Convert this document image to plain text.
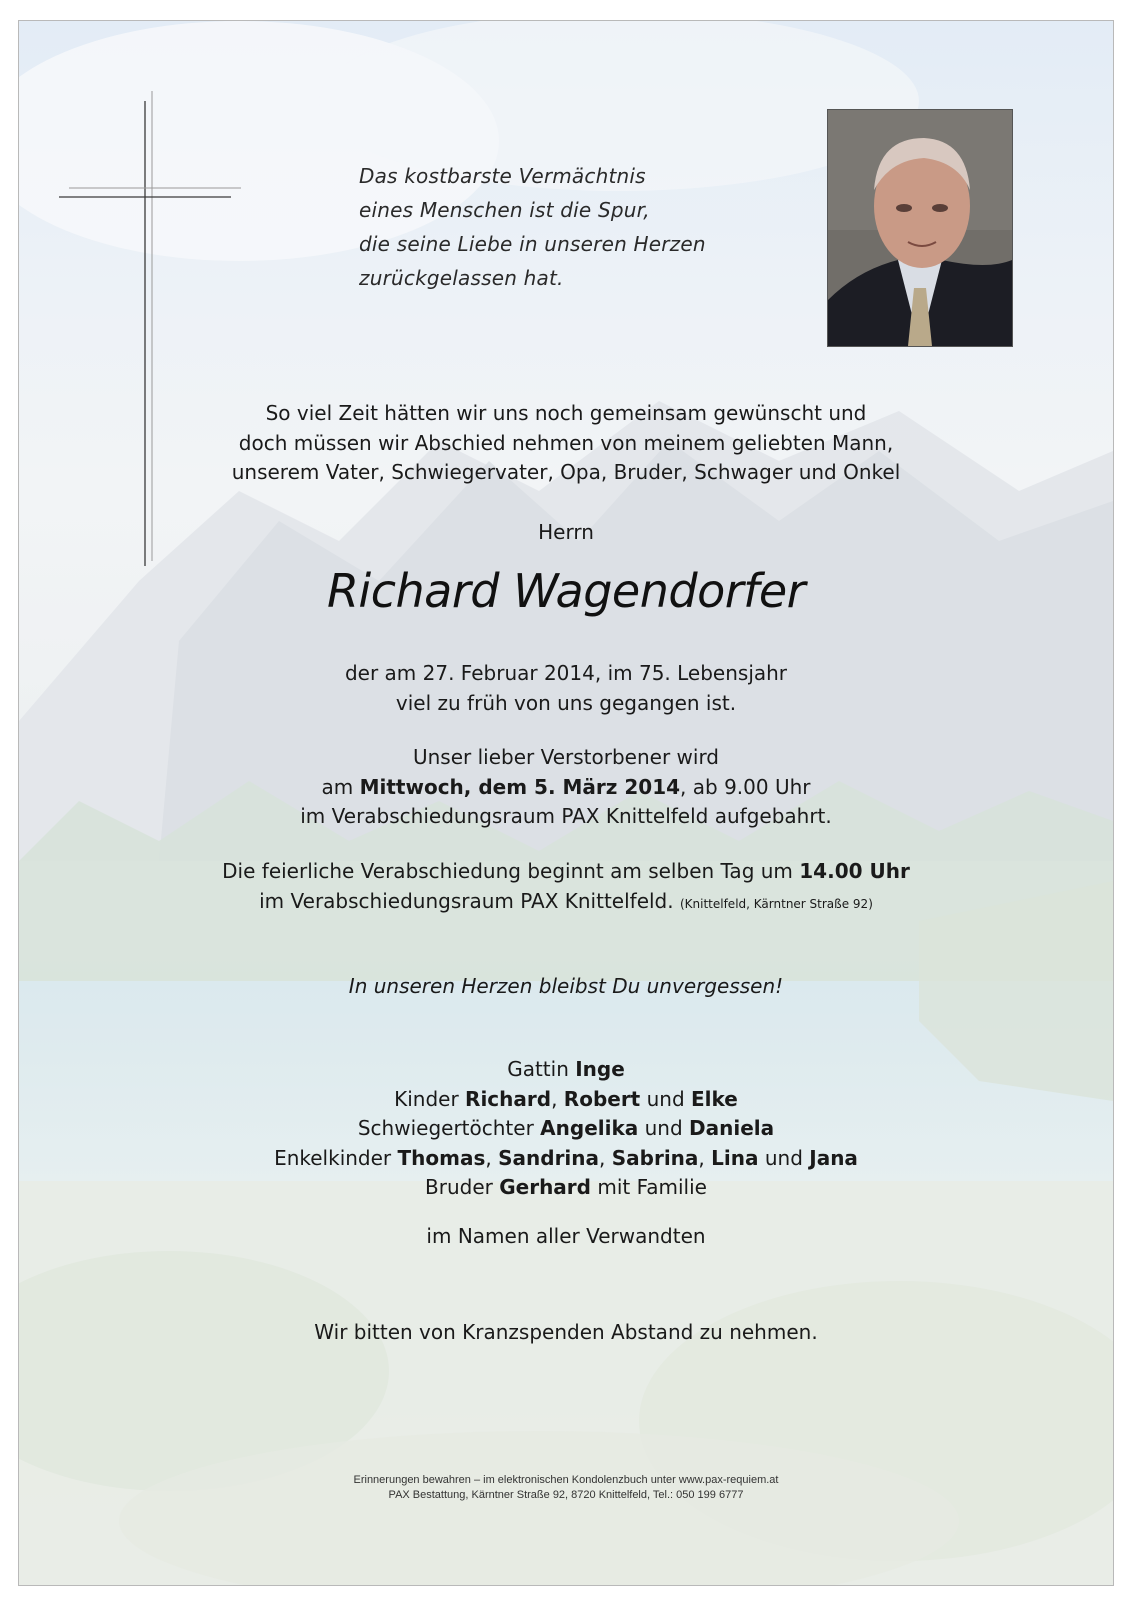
Das kostbarste Vermächtnis
eines Menschen ist die Spur,
die seine Liebe in unseren Herzen
zurückgelassen hat.
So viel Zeit hätten wir uns noch gemeinsam gewünscht und
doch müssen wir Abschied nehmen von meinem geliebten Mann,
unserem Vater, Schwiegervater, Opa, Bruder, Schwager und Onkel
Herrn
Richard Wagendorfer
der am 27. Februar 2014, im 75. Lebensjahr
viel zu früh von uns gegangen ist.
Unser lieber Verstorbener wird
am Mittwoch, dem 5. März 2014, ab 9.00 Uhr
im Verabschiedungsraum PAX Knittelfeld aufgebahrt.
Die feierliche Verabschiedung beginnt am selben Tag um 14.00 Uhr
im Verabschiedungsraum PAX Knittelfeld. (Knittelfeld, Kärntner Straße 92)
In unseren Herzen bleibst Du unvergessen!
Gattin Inge
Kinder Richard, Robert und Elke
Schwiegertöchter Angelika und Daniela
Enkelkinder Thomas, Sandrina, Sabrina, Lina und Jana
Bruder Gerhard mit Familie
im Namen aller Verwandten
Wir bitten von Kranzspenden Abstand zu nehmen.
Erinnerungen bewahren – im elektronischen Kondolenzbuch unter www.pax-requiem.at
PAX Bestattung, Kärntner Straße 92, 8720 Knittelfeld, Tel.: 050 199 6777
